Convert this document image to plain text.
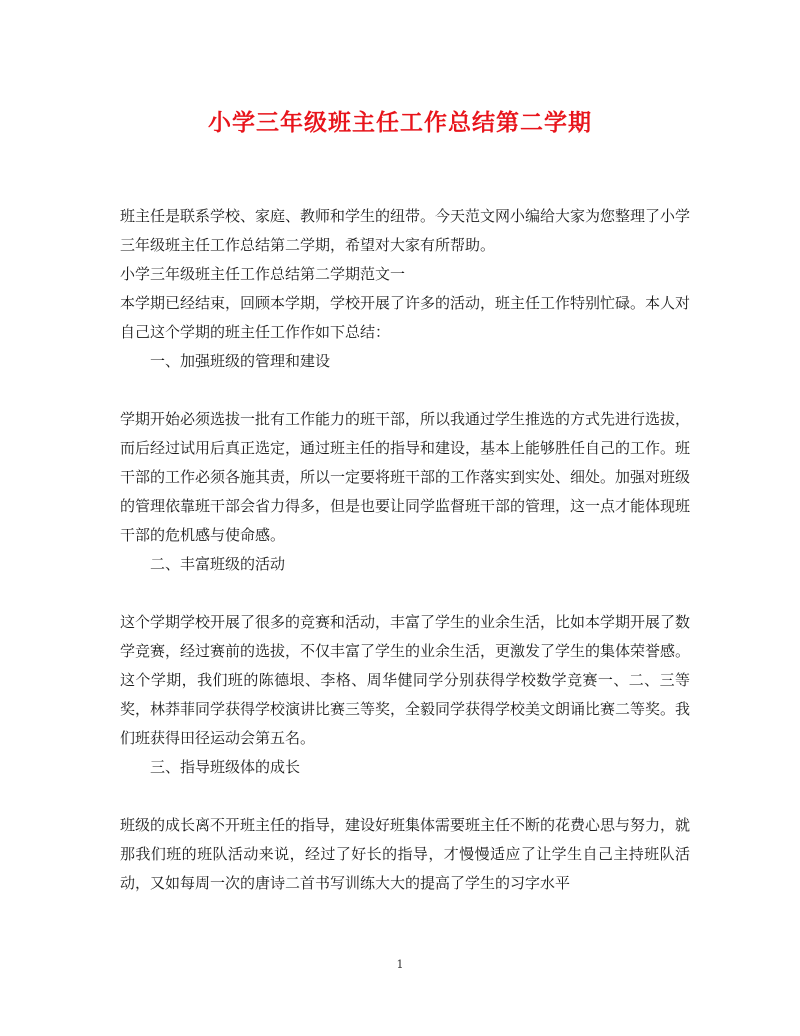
小学三年级班主任工作总结第二学期

班主任是联系学校、家庭、教师和学生的纽带。今天范文网小编给大家为您整理了小学三年级班主任工作总结第二学期，希望对大家有所帮助。

小学三年级班主任工作总结第二学期范文一

本学期已经结束，回顾本学期，学校开展了许多的活动，班主任工作特别忙碌。本人对自己这个学期的班主任工作作如下总结：

一、加强班级的管理和建设

学期开始必须选拔一批有工作能力的班干部，所以我通过学生推选的方式先进行选拔，而后经过试用后真正选定，通过班主任的指导和建设，基本上能够胜任自己的工作。班干部的工作必须各施其责，所以一定要将班干部的工作落实到实处、细处。加强对班级的管理依靠班干部会省力得多，但是也要让同学监督班干部的管理，这一点才能体现班干部的危机感与使命感。

二、丰富班级的活动

这个学期学校开展了很多的竞赛和活动，丰富了学生的业余生活，比如本学期开展了数学竞赛，经过赛前的选拔，不仅丰富了学生的业余生活，更激发了学生的集体荣誉感。这个学期，我们班的陈德垠、李格、周华健同学分别获得学校数学竞赛一、二、三等奖，林莽菲同学获得学校演讲比赛三等奖，全毅同学获得学校美文朗诵比赛二等奖。我们班获得田径运动会第五名。

三、指导班级体的成长

班级的成长离不开班主任的指导，建设好班集体需要班主任不断的花费心思与努力，就那我们班的班队活动来说，经过了好长的指导，才慢慢适应了让学生自己主持班队活动，又如每周一次的唐诗二首书写训练大大的提高了学生的习字水平

1
